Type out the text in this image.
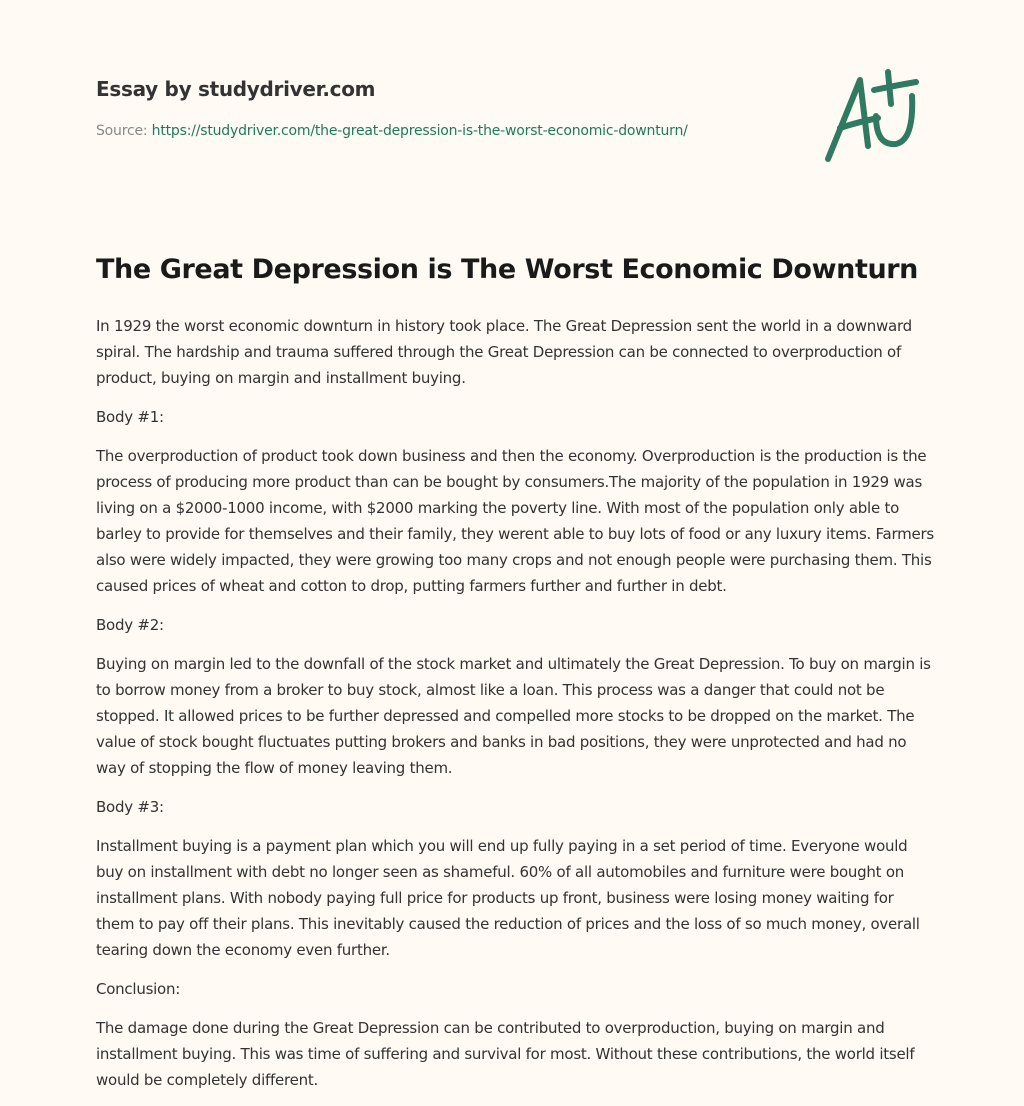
Essay by studydriver.com
Source: https://studydriver.com/the-great-depression-is-the-worst-economic-downturn/
The Great Depression is The Worst Economic Downturn

In 1929 the worst economic downturn in history took place. The Great Depression sent the world in a downward spiral. The hardship and trauma suffered through the Great Depression can be connected to overproduction of product, buying on margin and installment buying.

Body #1:

The overproduction of product took down business and then the economy. Overproduction is the production is the process of producing more product than can be bought by consumers.The majority of the population in 1929 was living on a $2000-1000 income, with $2000 marking the poverty line. With most of the population only able to barley to provide for themselves and their family, they werent able to buy lots of food or any luxury items. Farmers also were widely impacted, they were growing too many crops and not enough people were purchasing them. This caused prices of wheat and cotton to drop, putting farmers further and further in debt.

Body #2:

Buying on margin led to the downfall of the stock market and ultimately the Great Depression. To buy on margin is to borrow money from a broker to buy stock, almost like a loan. This process was a danger that could not be stopped. It allowed prices to be further depressed and compelled more stocks to be dropped on the market. The value of stock bought fluctuates putting brokers and banks in bad positions, they were unprotected and had no way of stopping the flow of money leaving them.

Body #3:

Installment buying is a payment plan which you will end up fully paying in a set period of time. Everyone would buy on installment with debt no longer seen as shameful. 60% of all automobiles and furniture were bought on installment plans. With nobody paying full price for products up front, business were losing money waiting for them to pay off their plans. This inevitably caused the reduction of prices and the loss of so much money, overall tearing down the economy even further.

Conclusion:

The damage done during the Great Depression can be contributed to overproduction, buying on margin and installment buying. This was time of suffering and survival for most. Without these contributions, the world itself would be completely different.
